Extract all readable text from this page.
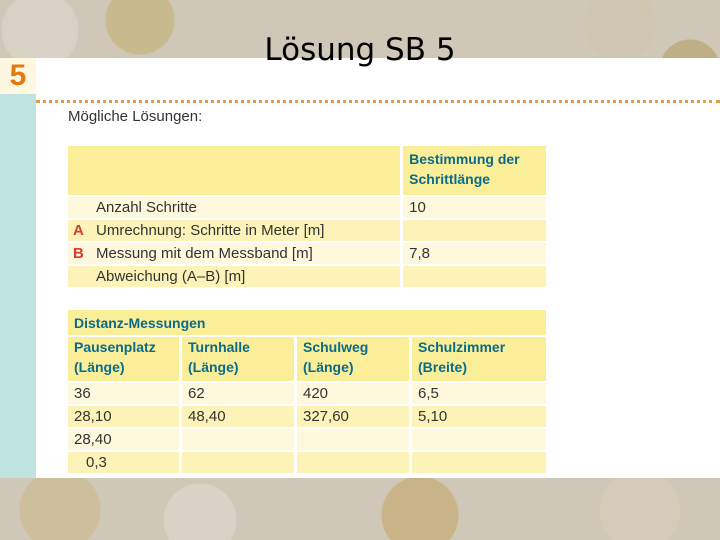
5
Lösung SB 5
Mögliche Lösungen:

	Bestimmung der Schrittlänge

Anzahl Schritte	10
A Umrechnung: Schritte in Meter [m]	
B Messung mit dem Messband [m]	7,8
Abweichung (A–B) [m]	
Distanz-Messungen			

Pausenplatz (Länge)	Turnhalle (Länge)	Schulweg (Länge)	Schulzimmer (Breite)

36	62	420	6,5
28,10	48,40	327,60	5,10
28,40			
0,3			
